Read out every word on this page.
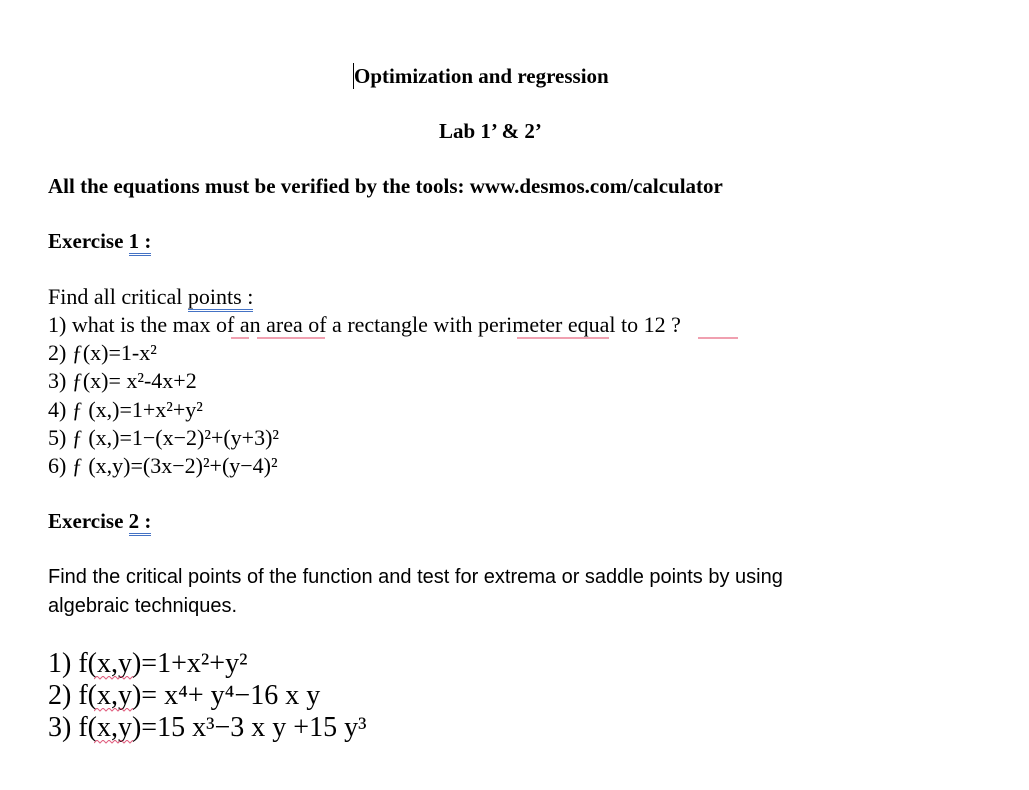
Optimization and regression
Lab 1’ & 2’
All the equations must be verified by the tools: www.desmos.com/calculator
Exercise 1 :
Find all critical points :
1) what is the max of an area of a rectangle with perimeter equal to 12 ?
2) ƒ(x)=1-x²
3) ƒ(x)= x²-4x+2
4) ƒ (x,)=1+x²+y²
5) ƒ (x,)=1−(x−2)²+(y+3)²
6) ƒ (x,y)=(3x−2)²+(y−4)²
Exercise 2 :
Find the critical points of the function and test for extrema or saddle points by using
algebraic techniques.
1) f(x,y)=1+x²+y²
2) f(x,y)= x⁴+ y⁴−16 x y
3) f(x,y)=15 x³−3 x y +15 y³
